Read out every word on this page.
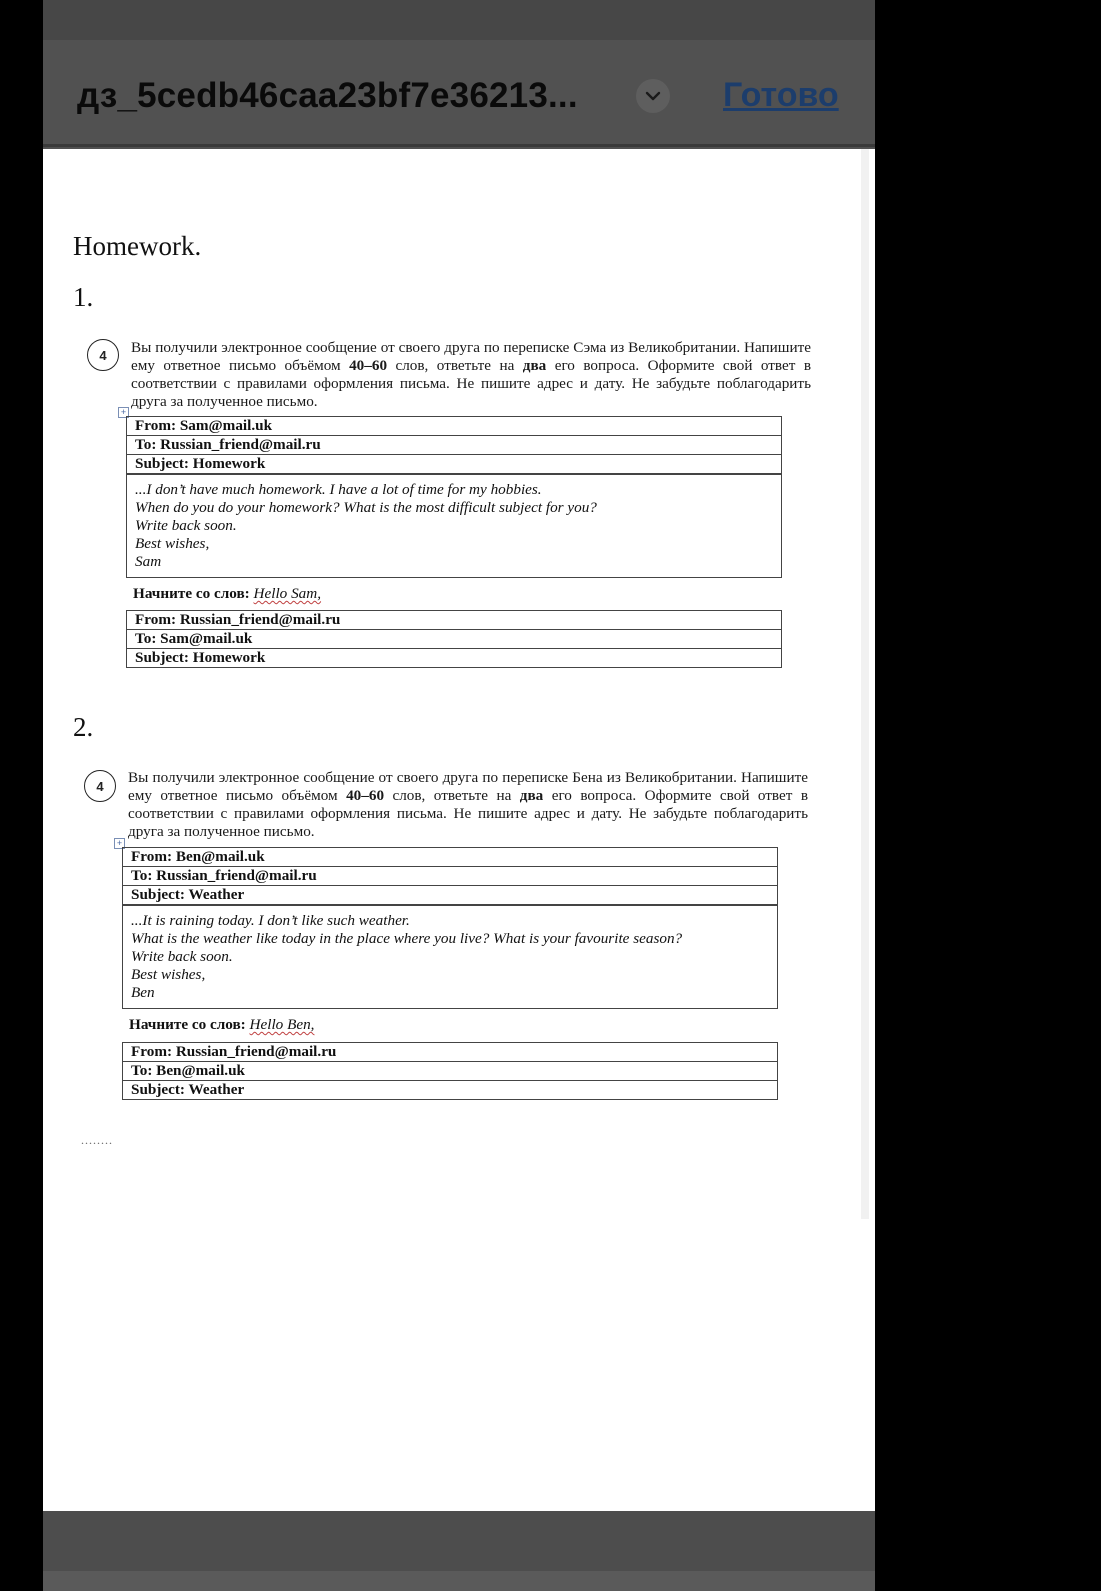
дз_5cedb46caa23bf7e36213...	Готово
Homework.
1.
4	Вы получили электронное сообщение от своего друга по переписке Сэма из Великобритании. Напишите ему ответное письмо объёмом 40–60 слов, ответьте на два его вопроса. Оформите свой ответ в соответствии с правилами оформления письма. Не пишите адрес и дату. Не забудьте поблагодарить друга за полученное письмо.
+
From: Sam@mail.uk
To: Russian_friend@mail.ru
Subject: Homework
...I don’t have much homework. I have a lot of time for my hobbies.
When do you do your homework? What is the most difficult subject for you?
Write back soon.
Best wishes,
Sam
Начните со слов: Hello Sam,
From: Russian_friend@mail.ru
To: Sam@mail.uk
Subject: Homework
2.
4	Вы получили электронное сообщение от своего друга по переписке Бена из Великобритании. Напишите ему ответное письмо объёмом 40–60 слов, ответьте на два его вопроса. Оформите свой ответ в соответствии с правилами оформления письма. Не пишите адрес и дату. Не забудьте поблагодарить друга за полученное письмо.
+
From: Ben@mail.uk
To: Russian_friend@mail.ru
Subject: Weather
...It is raining today. I don’t like such weather.
What is the weather like today in the place where you live? What is your favourite season?
Write back soon.
Best wishes,
Ben
Начните со слов: Hello Ben,
From: Russian_friend@mail.ru
To: Ben@mail.uk
Subject: Weather
........
